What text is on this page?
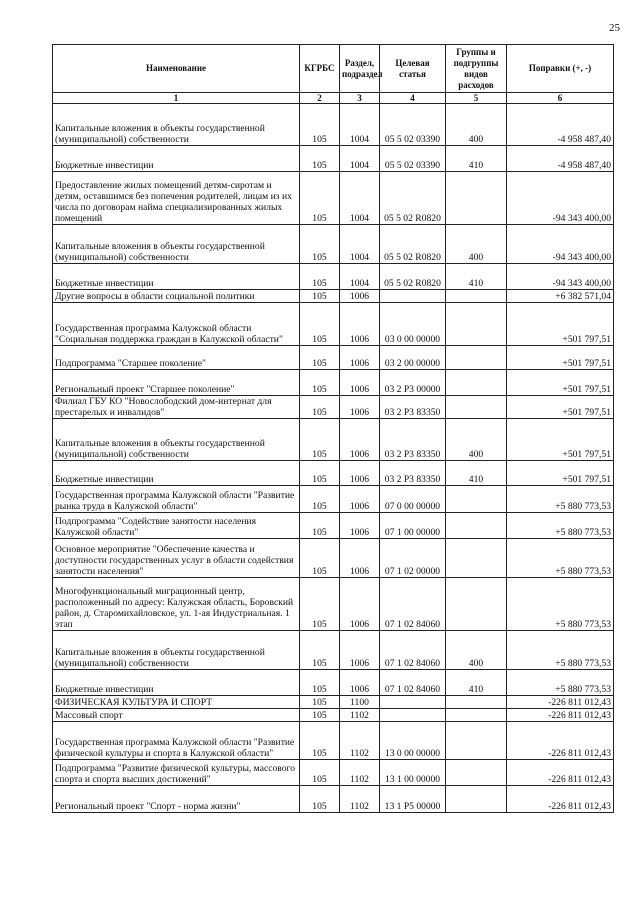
25
Наименование	КГРБС	Раздел, подраздел	Целевая статья	Группы и подгруппы видов расходов	Поправки (+, -)
1	2	3	4	5	6
Капитальные вложения в объекты государственной (муниципальной) собственности	105	1004	05 5 02 03390	400	-4 958 487,40
Бюджетные инвестиции	105	1004	05 5 02 03390	410	-4 958 487,40
Предоставление жилых помещений детям-сиротам и детям, оставшимся без попечения родителей, лицам из их числа по договорам найма специализированных жилых помещений	105	1004	05 5 02 R0820		-94 343 400,00
Капитальные вложения в объекты государственной (муниципальной) собственности	105	1004	05 5 02 R0820	400	-94 343 400,00
Бюджетные инвестиции	105	1004	05 5 02 R0820	410	-94 343 400,00
Другие вопросы в области социальной политики	105	1006			+6 382 571,04
Государственная программа Калужской области "Социальная поддержка граждан в Калужской области"	105	1006	03 0 00 00000		+501 797,51
Подпрограмма "Старшее поколение"	105	1006	03 2 00 00000		+501 797,51
Региональный проект "Старшее поколение"	105	1006	03 2 P3 00000		+501 797,51
Филиал ГБУ КО "Новослободский дом-интернат для престарелых и инвалидов"	105	1006	03 2 P3 83350		+501 797,51
Капитальные вложения в объекты государственной (муниципальной) собственности	105	1006	03 2 P3 83350	400	+501 797,51
Бюджетные инвестиции	105	1006	03 2 P3 83350	410	+501 797,51
Государственная программа Калужской области "Развитие рынка труда в Калужской области"	105	1006	07 0 00 00000		+5 880 773,53
Подпрограмма "Содействие занятости населения Калужской области"	105	1006	07 1 00 00000		+5 880 773,53
Основное мероприятие "Обеспечение качества и доступности государственных услуг в области содействия занятости населения"	105	1006	07 1 02 00000		+5 880 773,53
Многофункциональный миграционный центр, расположенный по адресу: Калужская область, Боровский район, д. Старомихайловское, ул. 1-ая Индустриальная. 1 этап	105	1006	07 1 02 84060		+5 880 773,53
Капитальные вложения в объекты государственной (муниципальной) собственности	105	1006	07 1 02 84060	400	+5 880 773,53
Бюджетные инвестиции	105	1006	07 1 02 84060	410	+5 880 773,53
ФИЗИЧЕСКАЯ КУЛЬТУРА И СПОРТ	105	1100			-226 811 012,43
Массовый спорт	105	1102			-226 811 012,43
Государственная программа Калужской области "Развитие физической культуры и спорта в Калужской области"	105	1102	13 0 00 00000		-226 811 012,43
Подпрограмма "Развитие физической культуры, массового спорта и спорта высших достижений"	105	1102	13 1 00 00000		-226 811 012,43
Региональный проект "Спорт - норма жизни"	105	1102	13 1 P5 00000		-226 811 012,43
